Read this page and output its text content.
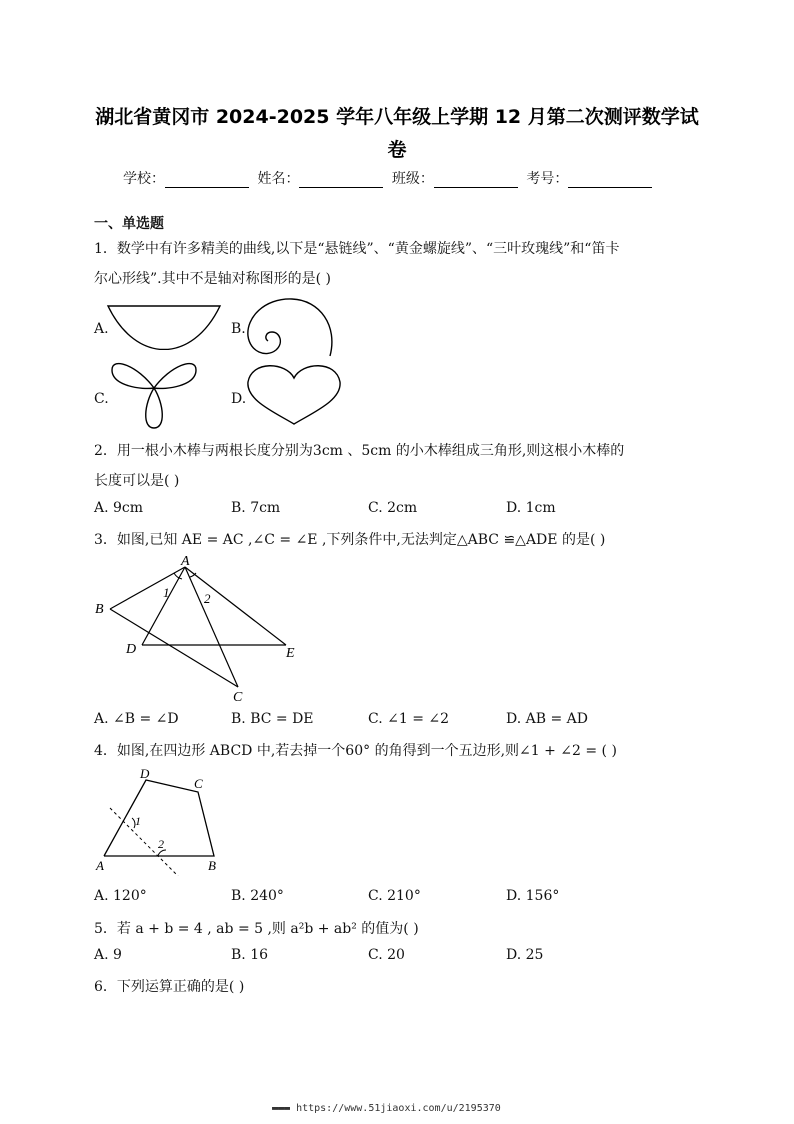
湖北省黄冈市 2024-2025 学年八年级上学期 12 月第二次测评数学试
卷
学校：	姓名：	班级：	考号：
一、单选题
1．数学中有许多精美的曲线,以下是“悬链线”、“黄金螺旋线”、“三叶玫瑰线”和“笛卡
尔心形线”.其中不是轴对称图形的是( )
A.	B.
C.	D.
2．用一根小木棒与两根长度分别为3cm 、5cm 的小木棒组成三角形,则这根小木棒的
长度可以是( )
A. 9cm	B. 7cm	C. 2cm	D. 1cm
3．如图,已知 AE = AC ,∠C = ∠E ,下列条件中,无法判定△ABC ≌△ADE 的是( )
A
B
C
D	E
1	2
A. ∠B = ∠D	B. BC = DE	C. ∠1 = ∠2	D. AB = AD
4．如图,在四边形 ABCD 中,若去掉一个60° 的角得到一个五边形,则∠1 + ∠2 = ( )
A	B
C
D
1
2
A. 120°	B. 240°	C. 210°	D. 156°
5．若 a + b = 4 , ab = 5 ,则 a²b + ab² 的值为( )
A. 9	B. 16	C. 20	D. 25
6．下列运算正确的是( )
▬▬▬ https://www.51jiaoxi.com/u/2195370
